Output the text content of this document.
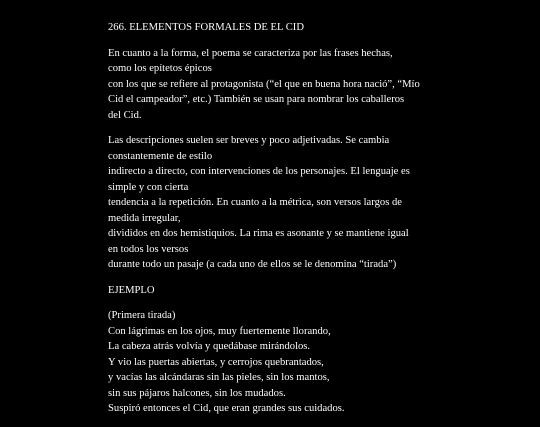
266. ELEMENTOS FORMALES DE EL CID
En cuanto a la forma, el poema se caracteriza por las frases hechas,
como los epítetos épicos
con los que se refiere al protagonista (“el que en buena hora nació”, “Mío
Cid el campeador”, etc.) También se usan para nombrar los caballeros
del Cid.
Las descripciones suelen ser breves y poco adjetivadas. Se cambia
constantemente de estilo
indirecto a directo, con intervenciones de los personajes. El lenguaje es
simple y con cierta
tendencia a la repetición. En cuanto a la métrica, son versos largos de
medida irregular,
divididos en dos hemistiquios. La rima es asonante y se mantiene igual
en todos los versos
durante todo un pasaje (a cada uno de ellos se le denomina “tirada”)
EJEMPLO
(Primera tirada)
Con lágrimas en los ojos, muy fuertemente llorando,
La cabeza atrás volvía y quedábase mirándolos.
Y vio las puertas abiertas, y cerrojos quebrantados,
y vacías las alcándaras sin las pieles, sin los mantos,
sin sus pájaros halcones, sin los mudados.
Suspiró entonces el Cid, que eran grandes sus cuidados.
